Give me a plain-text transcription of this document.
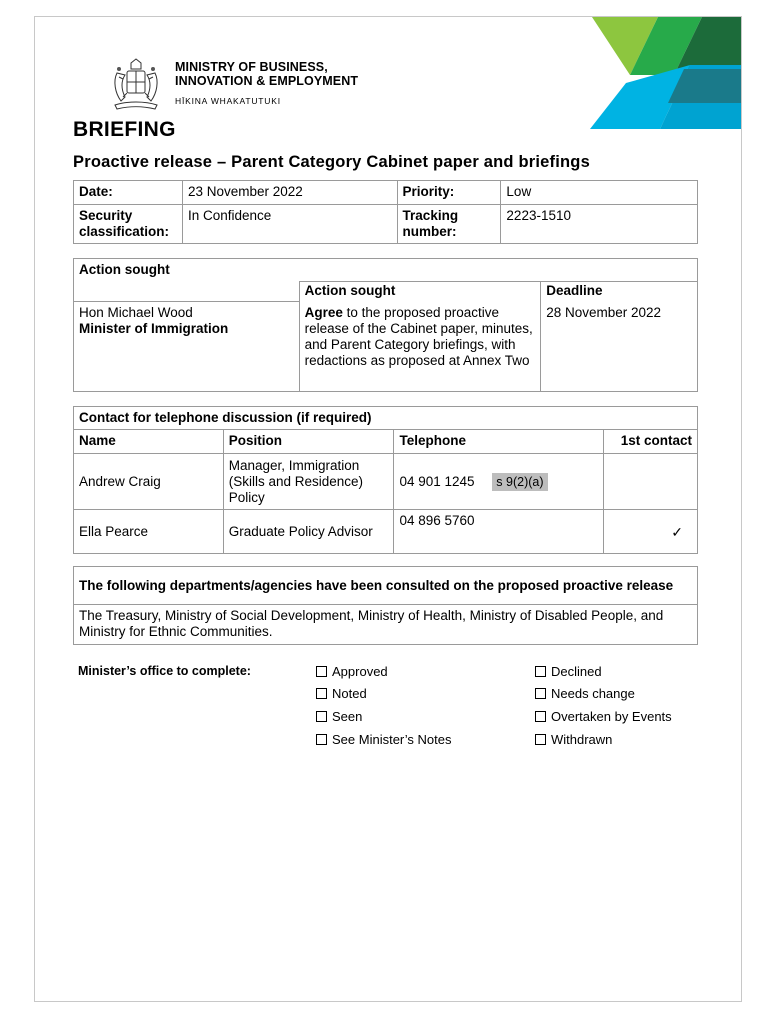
MINISTRY OF BUSINESS,
INNOVATION & EMPLOYMENT
HĪKINA WHAKATUTUKI
BRIEFING
Proactive release – Parent Category Cabinet paper and briefings
Date:	23 November 2022	Priority:	Low
Security classification:	In Confidence	Tracking number:	2223-1510
Action sought		
	Action sought	Deadline

Hon Michael Wood
Minister of Immigration	Agree to the proposed proactive release of the Cabinet paper, minutes, and Parent Category briefings, with redactions as proposed at Annex Two	28 November 2022
Contact for telephone discussion (if required)			
Name	Position	Telephone	1st contact
Andrew Craig	Manager, Immigration (Skills and Residence) Policy	04 901 1245 s 9(2)(a)	
Ella Pearce	Graduate Policy Advisor	04 896 5760	✓
The following departments/agencies have been consulted on the proposed proactive release
The Treasury, Ministry of Social Development, Ministry of Health, Ministry of Disabled People, and Ministry for Ethnic Communities.
Minister’s office to complete:	Approved
Noted
Seen
See Minister’s Notes
Declined
Needs change
Overtaken by Events
Withdrawn
